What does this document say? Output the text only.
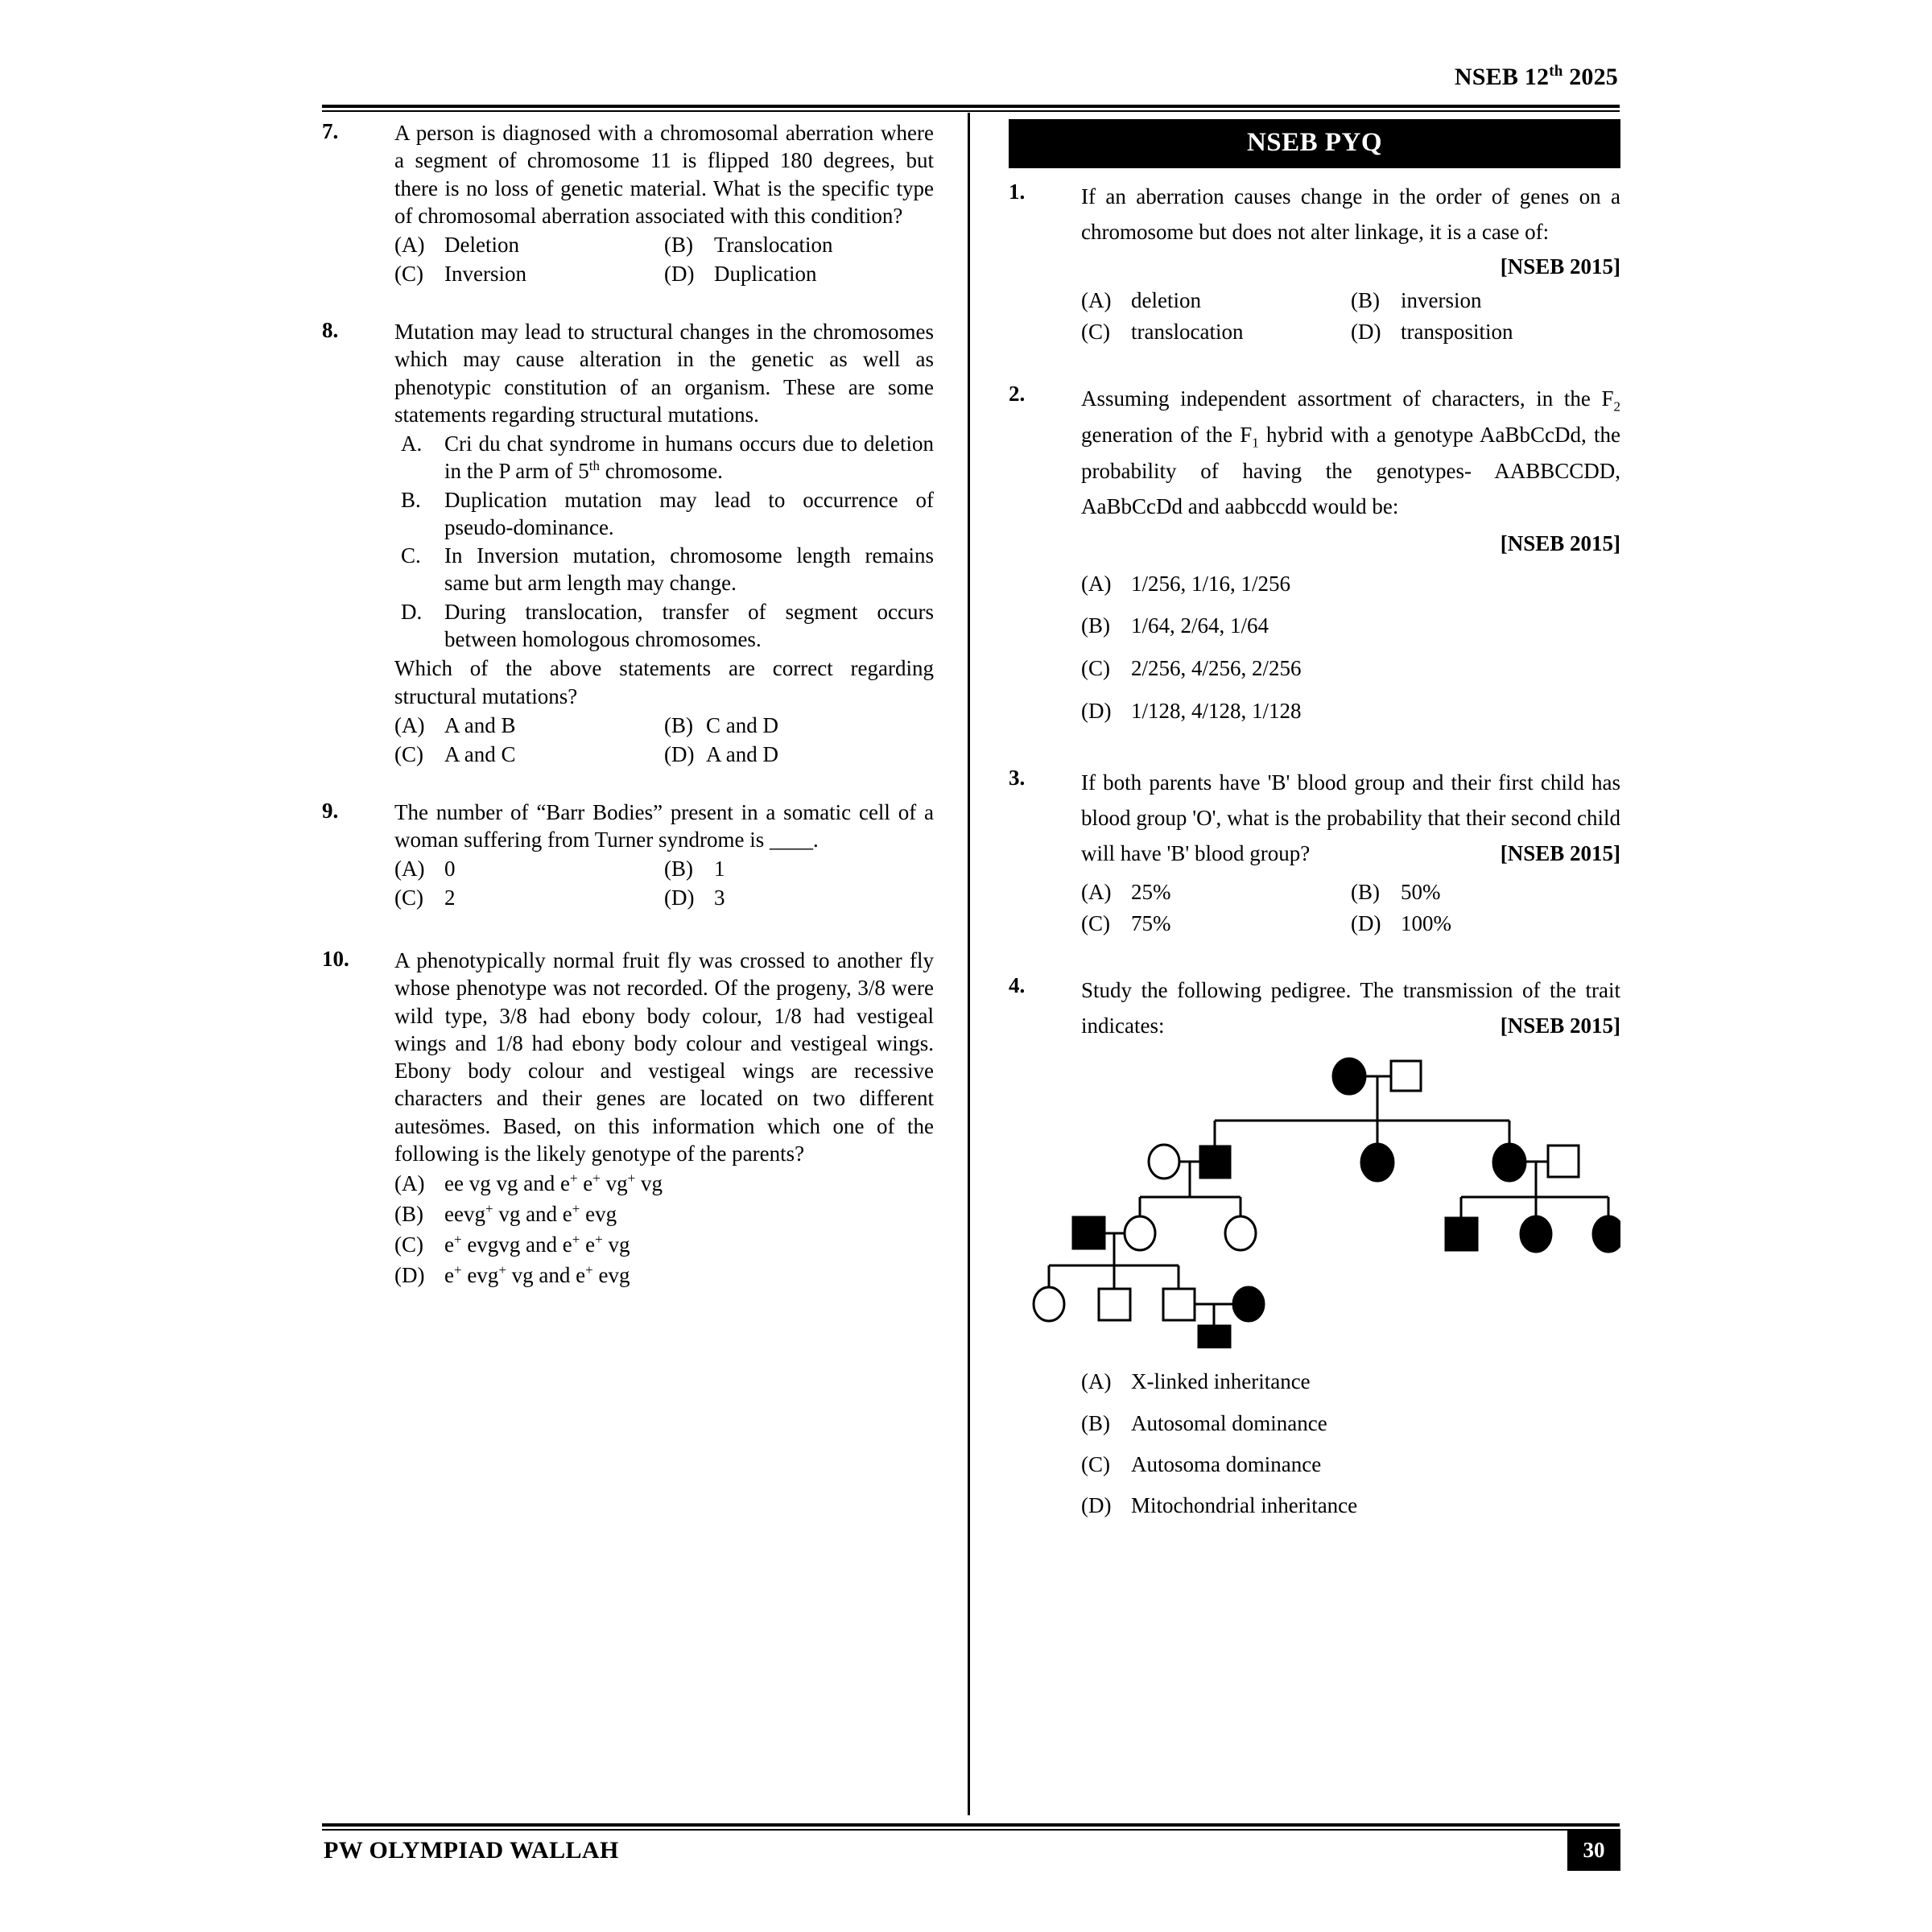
NSEB 12th 2025
7.	A person is diagnosed with a chromosomal aberration where a segment of chromosome 11 is flipped 180 degrees, but there is no loss of genetic material. What is the specific type of chromosomal aberration associated with this condition?
(A) Deletion	(B) Translocation
(C) Inversion	(D) Duplication
8.	Mutation may lead to structural changes in the chromosomes which may cause alteration in the genetic as well as phenotypic constitution of an organism. These are some statements regarding structural mutations.
A. Cri du chat syndrome in humans occurs due to deletion in the P arm of 5th chromosome.
B. Duplication mutation may lead to occurrence of pseudo-dominance.
C. In Inversion mutation, chromosome length remains same but arm length may change.
D. During translocation, transfer of segment occurs between homologous chromosomes.
Which of the above statements are correct regarding structural mutations?
(A) A and B	(B) C and D
(C) A and C	(D) A and D
9.	The number of “Barr Bodies” present in a somatic cell of a woman suffering from Turner syndrome is ____.
(A) 0	(B) 1
(C) 2	(D) 3
10.	A phenotypically normal fruit fly was crossed to another fly whose phenotype was not recorded. Of the progeny, 3/8 were wild type, 3/8 had ebony body colour, 1/8 had vestigeal wings and 1/8 had ebony body colour and vestigeal wings. Ebony body colour and vestigeal wings are recessive characters and their genes are located on two different autesömes. Based, on this information which one of the following is the likely genotype of the parents?
(A) ee vg vg and e+ e+ vg+ vg
(B) eevg+ vg and e+ evg
(C) e+ evgvg and e+ e+ vg
(D) e+ evg+ vg and e+ evg
NSEB PYQ
1.	If an aberration causes change in the order of genes on a chromosome but does not alter linkage, it is a case of:
[NSEB 2015]
(A) deletion	(B) inversion
(C) translocation	(D) transposition
2.	Assuming independent assortment of characters, in the $F_2$ generation of the $F_1$ hybrid with a genotype AaBbCcDd, the probability of having the genotypes- AABBCCDD, AaBbCcDd and aabbccdd would be:
[NSEB 2015]
(A) 1/256, 1/16, 1/256
(B) 1/64, 2/64, 1/64
(C) 2/256, 4/256, 2/256
(D) 1/128, 4/128, 1/128
3.	If both parents have 'B' blood group and their first child has blood group 'O', what is the probability that their second child will have 'B' blood group?	[NSEB 2015]
(A) 25%	(B) 50%
(C) 75%	(D) 100%
4.	Study the following pedigree. The transmission of the trait indicates:	[NSEB 2015]
(A) X-linked inheritance
(B) Autosomal dominance
(C) Autosoma dominance
(D) Mitochondrial inheritance
PW OLYMPIAD WALLAH	30
